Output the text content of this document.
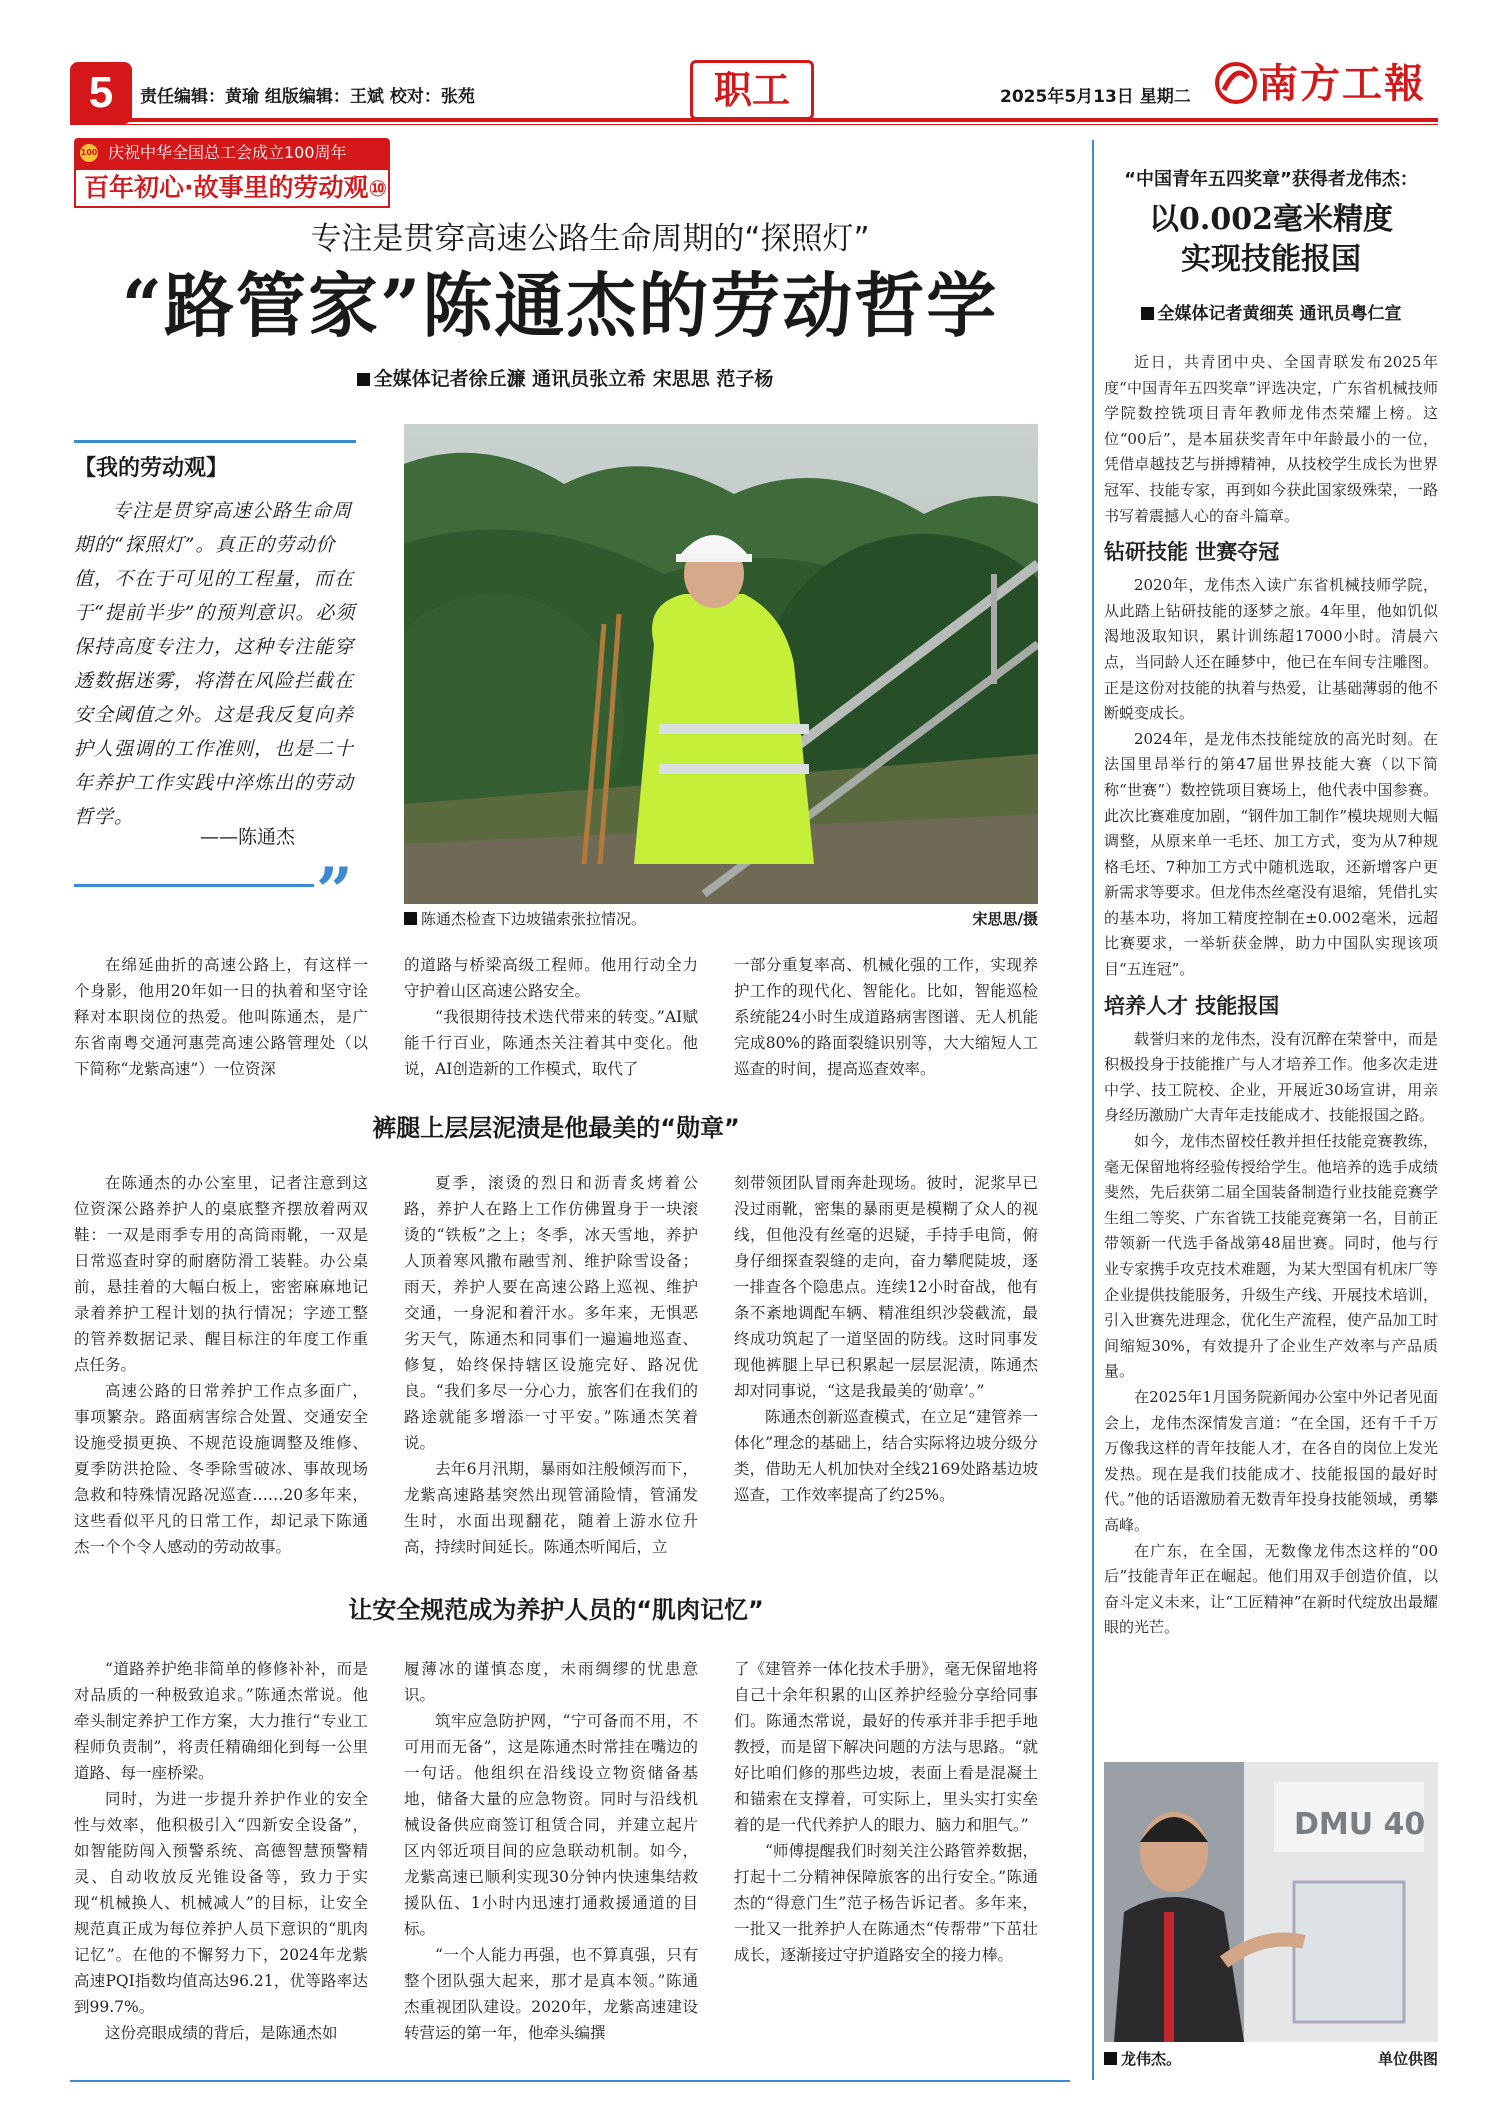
5	责任编辑：黄瑜 组版编辑：王斌 校对：张苑	职工	2025年5月13日 星期二 南方工報
庆祝中华全国总工会成立100周年
100
百年初心·故事里的劳动观⑩
专注是贯穿高速公路生命周期的“探照灯”
“路管家”陈通杰的劳动哲学
全媒体记者徐丘濂 通讯员张立希 宋思思 范子杨
【我的劳动观】
专注是贯穿高速公路生命周期的“探照灯”。真正的劳动价值，不在于可见的工程量，而在于“提前半步”的预判意识。必须保持高度专注力，这种专注能穿透数据迷雾，将潜在风险拦截在安全阈值之外。这是我反复向养护人强调的工作准则，也是二十年养护工作实践中淬炼出的劳动哲学。
——陈通杰
”	陈通杰检查下边坡锚索张拉情况。	宋思思/摄

在绵延曲折的高速公路上，有这样一个身影，他用20年如一日的执着和坚守诠释对本职岗位的热爱。他叫陈通杰，是广东省南粤交通河惠莞高速公路管理处（以下简称“龙紫高速”）一位资深

的道路与桥梁高级工程师。他用行动全力守护着山区高速公路安全。

“我很期待技术迭代带来的转变。”AI赋能千行百业，陈通杰关注着其中变化。他说，AI创造新的工作模式，取代了

一部分重复率高、机械化强的工作，实现养护工作的现代化、智能化。比如，智能巡检系统能24小时生成道路病害图谱、无人机能完成80%的路面裂缝识别等，大大缩短人工巡查的时间，提高巡查效率。

裤腿上层层泥渍是他最美的“勋章”

在陈通杰的办公室里，记者注意到这位资深公路养护人的桌底整齐摆放着两双鞋：一双是雨季专用的高筒雨靴，一双是日常巡查时穿的耐磨防滑工装鞋。办公桌前，悬挂着的大幅白板上，密密麻麻地记录着养护工程计划的执行情况；字迹工整的管养数据记录、醒目标注的年度工作重点任务。

高速公路的日常养护工作点多面广，事项繁杂。路面病害综合处置、交通安全设施受损更换、不规范设施调整及维修、夏季防洪抢险、冬季除雪破冰、事故现场急救和特殊情况路况巡查……20多年来，这些看似平凡的日常工作，却记录下陈通杰一个个令人感动的劳动故事。

夏季，滚烫的烈日和沥青炙烤着公路，养护人在路上工作仿佛置身于一块滚烫的“铁板”之上；冬季，冰天雪地，养护人顶着寒风撒布融雪剂、维护除雪设备；雨天，养护人要在高速公路上巡视、维护交通，一身泥和着汗水。多年来，无惧恶劣天气，陈通杰和同事们一遍遍地巡查、修复，始终保持辖区设施完好、路况优良。“我们多尽一分心力，旅客们在我们的路途就能多增添一寸平安。”陈通杰笑着说。

去年6月汛期，暴雨如注般倾泻而下，龙紫高速路基突然出现管涌险情，管涌发生时，水面出现翻花，随着上游水位升高，持续时间延长。陈通杰听闻后，立

刻带领团队冒雨奔赴现场。彼时，泥浆早已没过雨靴，密集的暴雨更是模糊了众人的视线，但他没有丝毫的迟疑，手持手电筒，俯身仔细探查裂缝的走向，奋力攀爬陡坡，逐一排查各个隐患点。连续12小时奋战，他有条不紊地调配车辆、精准组织沙袋截流，最终成功筑起了一道坚固的防线。这时同事发现他裤腿上早已积累起一层层泥渍，陈通杰却对同事说，“这是我最美的‘勋章’。”

陈通杰创新巡查模式，在立足“建管养一体化”理念的基础上，结合实际将边坡分级分类，借助无人机加快对全线2169处路基边坡巡查，工作效率提高了约25%。

让安全规范成为养护人员的“肌肉记忆”

“道路养护绝非简单的修修补补，而是对品质的一种极致追求。”陈通杰常说。他牵头制定养护工作方案，大力推行“专业工程师负责制”，将责任精确细化到每一公里道路、每一座桥梁。

同时，为进一步提升养护作业的安全性与效率，他积极引入“四新安全设备”，如智能防闯入预警系统、高德智慧预警精灵、自动收放反光锥设备等，致力于实现“机械换人、机械减人”的目标，让安全规范真正成为每位养护人员下意识的“肌肉记忆”。在他的不懈努力下，2024年龙紫高速PQI指数均值高达96.21，优等路率达到99.7%。

这份亮眼成绩的背后，是陈通杰如

履薄冰的谨慎态度，未雨绸缪的忧患意识。

筑牢应急防护网，“宁可备而不用，不可用而无备”，这是陈通杰时常挂在嘴边的一句话。他组织在沿线设立物资储备基地，储备大量的应急物资。同时与沿线机械设备供应商签订租赁合同，并建立起片区内邻近项目间的应急联动机制。如今，龙紫高速已顺利实现30分钟内快速集结救援队伍、1小时内迅速打通救援通道的目标。

“一个人能力再强，也不算真强，只有整个团队强大起来，那才是真本领。”陈通杰重视团队建设。2020年，龙紫高速建设转营运的第一年，他牵头编撰

了《建管养一体化技术手册》，毫无保留地将自己十余年积累的山区养护经验分享给同事们。陈通杰常说，最好的传承并非手把手地教授，而是留下解决问题的方法与思路。“就好比咱们修的那些边坡，表面上看是混凝土和锚索在支撑着，可实际上，里头实打实垒着的是一代代养护人的眼力、脑力和胆气。”

“师傅提醒我们时刻关注公路管养数据，打起十二分精神保障旅客的出行安全。”陈通杰的“得意门生”范子杨告诉记者。多年来，一批又一批养护人在陈通杰“传帮带”下茁壮成长，逐渐接过守护道路安全的接力棒。

“中国青年五四奖章”获得者龙伟杰：
以0.002毫米精度
实现技能报国
全媒体记者黄细英 通讯员粤仁宣

近日，共青团中央、全国青联发布2025年度“中国青年五四奖章”评选决定，广东省机械技师学院数控铣项目青年教师龙伟杰荣耀上榜。这位“00后”，是本届获奖青年中年龄最小的一位，凭借卓越技艺与拼搏精神，从技校学生成长为世界冠军、技能专家，再到如今获此国家级殊荣，一路书写着震撼人心的奋斗篇章。

钻研技能 世赛夺冠

2020年，龙伟杰入读广东省机械技师学院，从此踏上钻研技能的逐梦之旅。4年里，他如饥似渴地汲取知识，累计训练超17000小时。清晨六点，当同龄人还在睡梦中，他已在车间专注雕图。正是这份对技能的执着与热爱，让基础薄弱的他不断蜕变成长。

2024年，是龙伟杰技能绽放的高光时刻。在法国里昂举行的第47届世界技能大赛（以下简称“世赛”）数控铣项目赛场上，他代表中国参赛。此次比赛难度加剧，“钢件加工制作”模块规则大幅调整，从原来单一毛坯、加工方式，变为从7种规格毛坯、7种加工方式中随机选取，还新增客户更新需求等要求。但龙伟杰丝毫没有退缩，凭借扎实的基本功，将加工精度控制在±0.002毫米，远超比赛要求，一举斩获金牌，助力中国队实现该项目“五连冠”。

培养人才 技能报国

载誉归来的龙伟杰，没有沉醉在荣誉中，而是积极投身于技能推广与人才培养工作。他多次走进中学、技工院校、企业，开展近30场宣讲，用亲身经历激励广大青年走技能成才、技能报国之路。

如今，龙伟杰留校任教并担任技能竞赛教练，毫无保留地将经验传授给学生。他培养的选手成绩斐然，先后获第二届全国装备制造行业技能竞赛学生组二等奖、广东省铣工技能竞赛第一名，目前正带领新一代选手备战第48届世赛。同时，他与行业专家携手攻克技术难题，为某大型国有机床厂等企业提供技能服务，升级生产线、开展技术培训，引入世赛先进理念，优化生产流程，使产品加工时间缩短30%，有效提升了企业生产效率与产品质量。

在2025年1月国务院新闻办公室中外记者见面会上，龙伟杰深情发言道：“在全国，还有千千万万像我这样的青年技能人才，在各自的岗位上发光发热。现在是我们技能成才、技能报国的最好时代。”他的话语激励着无数青年投身技能领域，勇攀高峰。

在广东，在全国，无数像龙伟杰这样的“00后”技能青年正在崛起。他们用双手创造价值，以奋斗定义未来，让“工匠精神”在新时代绽放出最耀眼的光芒。

DMU 40
龙伟杰。	单位供图
